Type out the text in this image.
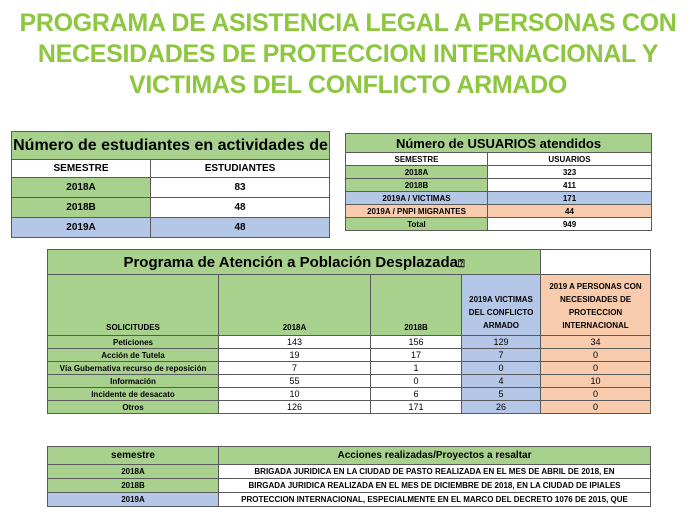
PROGRAMA DE ASISTENCIA LEGAL A PERSONAS CON
NECESIDADES DE PROTECCION INTERNACIONAL Y
VICTIMAS DEL CONFLICTO ARMADO
Número de estudiantes en actividades de	
SEMESTRE	ESTUDIANTES
2018A	83
2018B	48
2019A	48
Número de USUARIOS atendidos	
SEMESTRE	USUARIOS
2018A	323
2018B	411
2019A / VICTIMAS	171
2019A / PNPI MIGRANTES	44
Total	949
Programa de Atención a Población Desplazada⍰				
SOLICITUDES	2018A	2018B	2019A VICTIMAS DEL CONFLICTO ARMADO	2019 A PERSONAS CON NECESIDADES DE PROTECCION INTERNACIONAL
Peticiones	143	156	129	34
Acción de Tutela	19	17	7	0
Vía Gubernativa recurso de reposición	7	1	0	0
Información	55	0	4	10
Incidente de desacato	10	6	5	0
Otros	126	171	26	0
semestre	Acciones realizadas/Proyectos a resaltar
2018A	BRIGADA JURIDICA EN LA CIUDAD DE PASTO REALIZADA EN EL MES DE ABRIL DE 2018, EN
2018B	BIRGADA JURIDICA REALIZADA EN EL MES DE DICIEMBRE DE 2018, EN LA CIUDAD DE IPIALES
2019A	PROTECCION INTERNACIONAL, ESPECIALMENTE EN EL MARCO DEL DECRETO 1076 DE 2015, QUE
